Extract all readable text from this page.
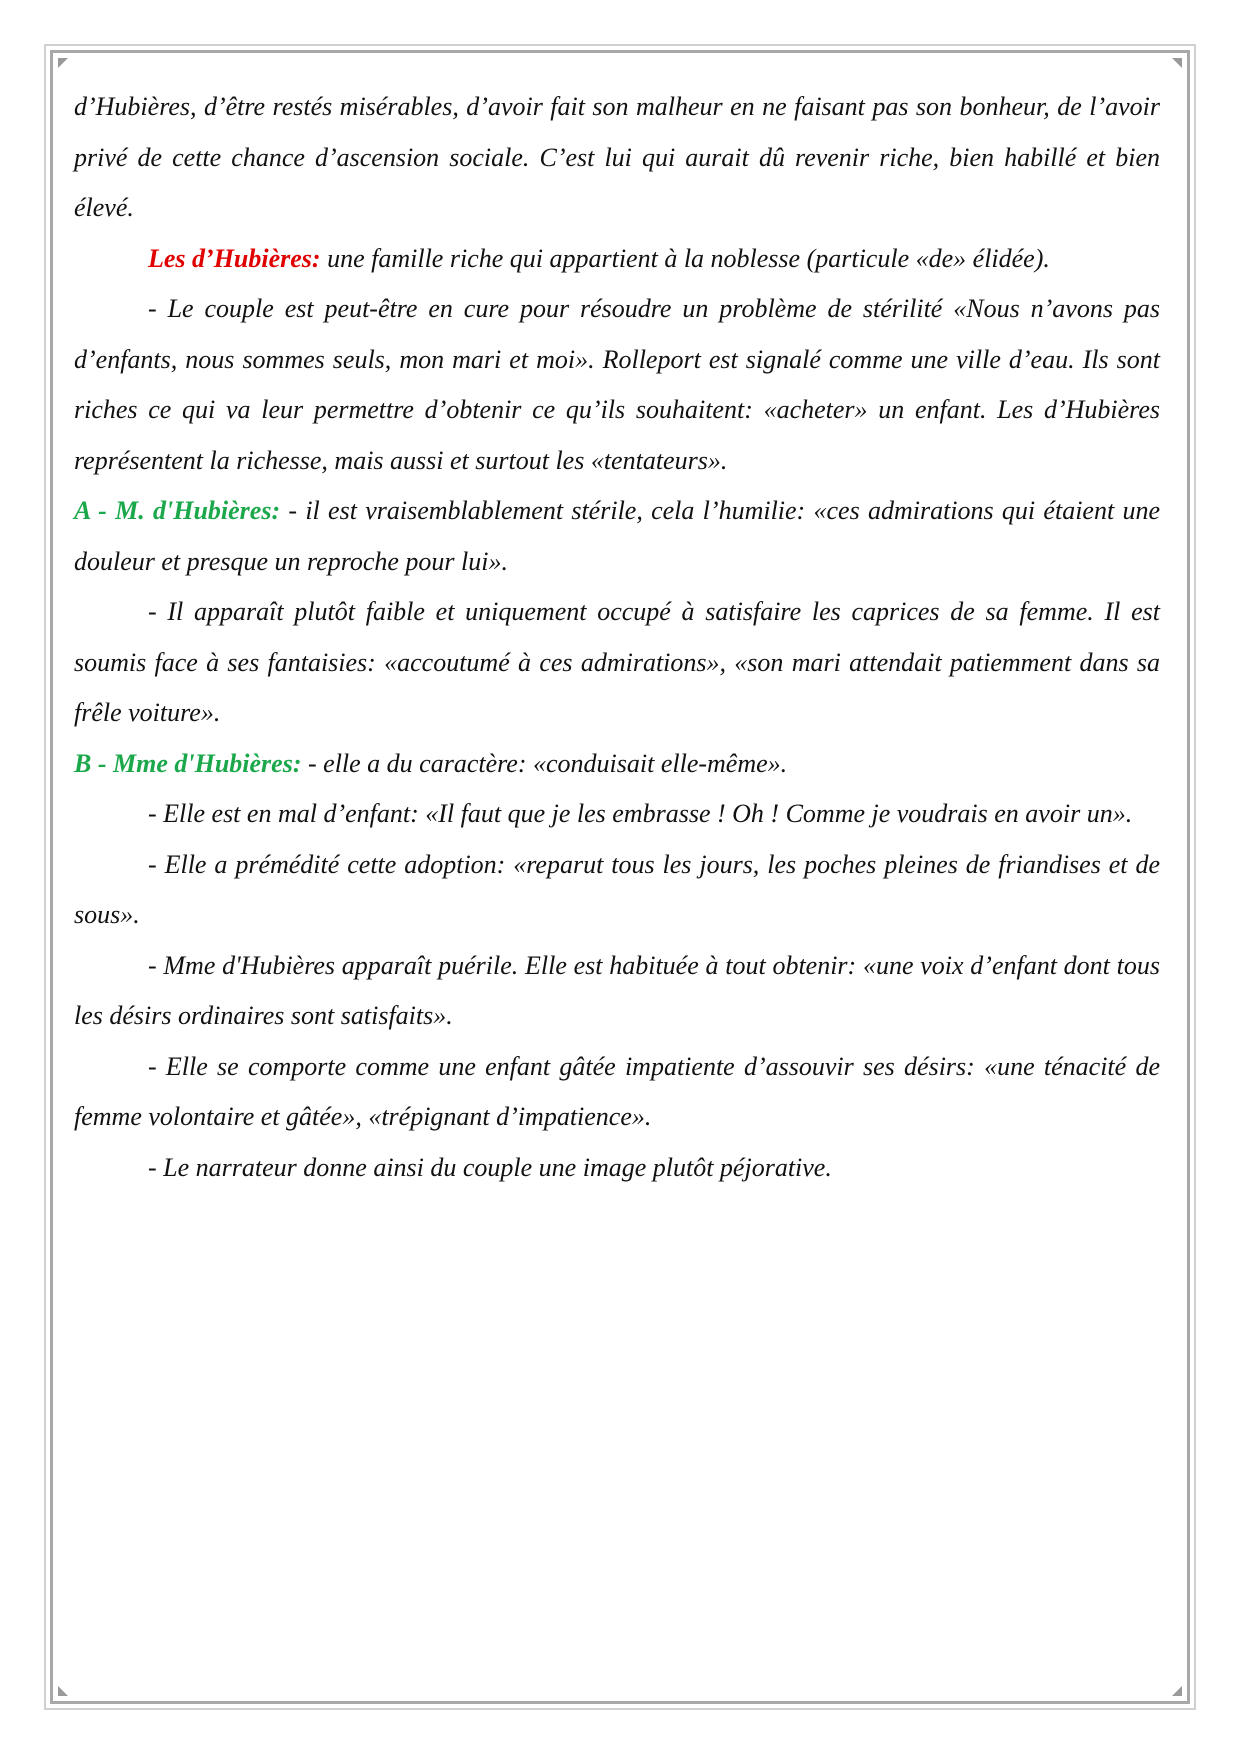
d’Hubières, d’être restés misérables, d’avoir fait son malheur en ne faisant pas son bonheur, de l’avoir privé de cette chance d’ascension sociale. C’est lui qui aurait dû revenir riche, bien habillé et bien élevé.

Les d’Hubières: une famille riche qui appartient à la noblesse (particule «de» élidée).

- Le couple est peut-être en cure pour résoudre un problème de stérilité «Nous n’avons pas d’enfants, nous sommes seuls, mon mari et moi». Rolleport est signalé comme une ville d’eau. Ils sont riches ce qui va leur permettre d’obtenir ce qu’ils souhaitent: «acheter» un enfant. Les d’Hubières représentent la richesse, mais aussi et surtout les «tentateurs».

A - M. d'Hubières: - il est vraisemblablement stérile, cela l’humilie: «ces admirations qui étaient une douleur et presque un reproche pour lui».

- Il apparaît plutôt faible et uniquement occupé à satisfaire les caprices de sa femme. Il est soumis face à ses fantaisies: «accoutumé à ces admirations», «son mari attendait patiemment dans sa frêle voiture».

B - Mme d'Hubières: - elle a du caractère: «conduisait elle-même».

- Elle est en mal d’enfant: «Il faut que je les embrasse ! Oh ! Comme je voudrais en avoir un».

- Elle a prémédité cette adoption: «reparut tous les jours, les poches pleines de friandises et de sous».

- Mme d'Hubières apparaît puérile. Elle est habituée à tout obtenir: «une voix d’enfant dont tous les désirs ordinaires sont satisfaits».

- Elle se comporte comme une enfant gâtée impatiente d’assouvir ses désirs: «une ténacité de femme volontaire et gâtée», «trépignant d’impatience».

- Le narrateur donne ainsi du couple une image plutôt péjorative.
